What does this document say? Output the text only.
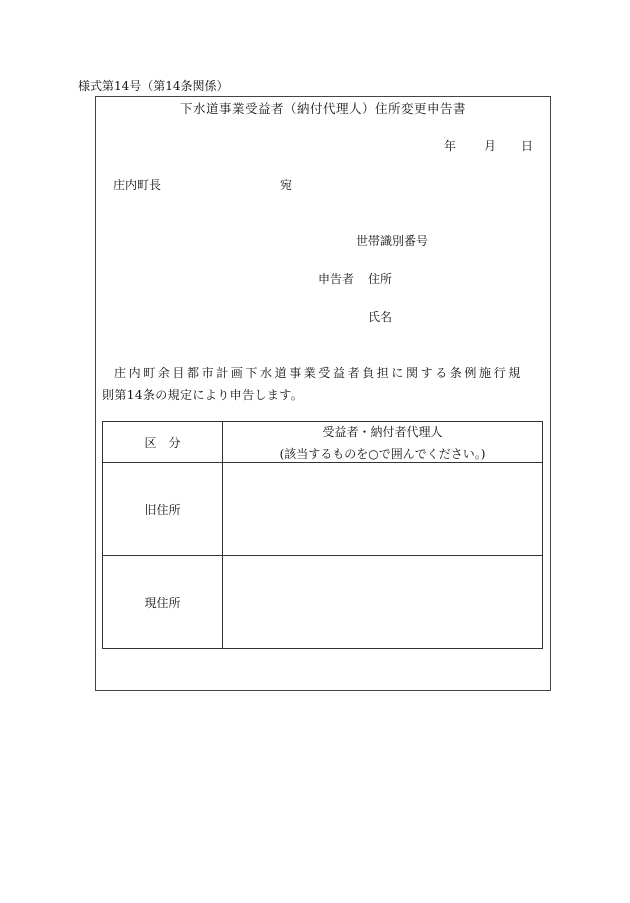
様式第14号（第14条関係）
下水道事業受益者（納付代理人）住所変更申告書
年 月 日
庄内町長	宛
世帯識別番号
申告者 住所
氏名
庄内町余目都市計画下水道事業受益者負担に関する条例施行規
則第14条の規定により申告します。
区　分	受益者・納付者代理人
(該当するものを○で囲んでください。)

旧住所	
現住所	
